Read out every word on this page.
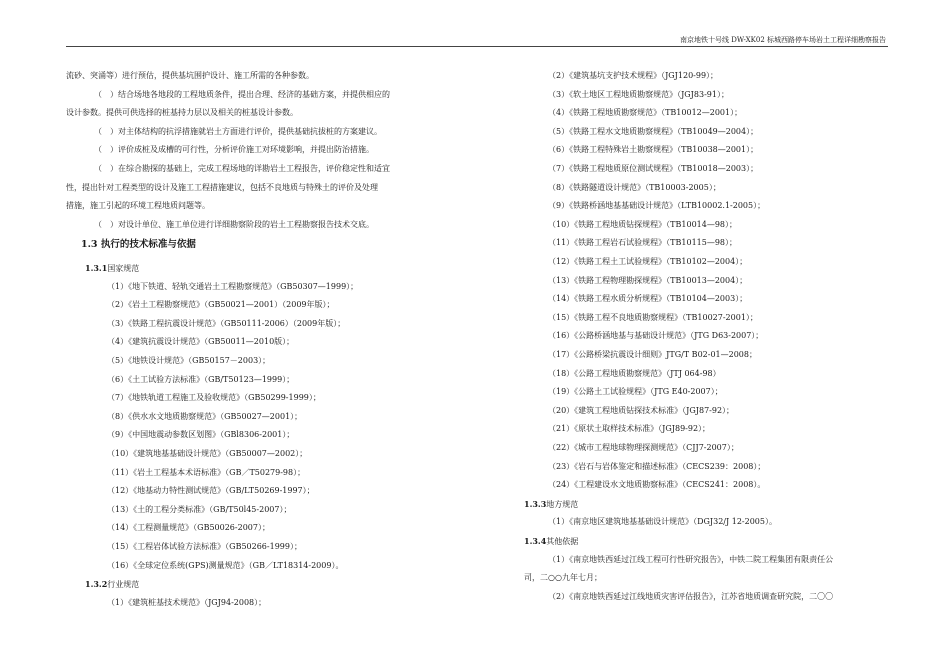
南京地铁十号线 DW-XK02 标城西路停车场岩土工程详细勘察报告
流砂、突涌等）进行预估，提供基坑围护设计、施工所需的各种参数。
（　）结合场地各地段的工程地质条件，提出合理、经济的基础方案，并提供相应的
设计参数。提供可供选择的桩基持力层以及相关的桩基设计参数。
（　）对主体结构的抗浮措施就岩土方面进行评价，提供基础抗拔桩的方案建议。
（　）评价成桩及成槽的可行性，分析评价施工对环境影响，并提出防治措施。
（　）在综合勘探的基础上，完成工程场地的详勘岩土工程报告，评价稳定性和适宜
性，提出针对工程类型的设计及施工工程措施建议，包括不良地质与特殊土的评价及处理
措施，施工引起的环境工程地质问题等。
（　）对设计单位、施工单位进行详细勘察阶段的岩土工程勘察报告技术交底。
1.3 执行的技术标准与依据
1.3.1国家规范
（1）《地下铁道、轻轨交通岩土工程勘察规范》（GB50307—1999）；
（2）《岩土工程勘察规范》（GB50021—2001）（2009年版）；
（3）《铁路工程抗震设计规范》（GB50111-2006）（2009年版）；
（4）《建筑抗震设计规范》（GB50011—2010版）；
（5）《地铁设计规范》（GB50157－2003）；
（6）《土工试验方法标准》（GB/T50123—1999）；
（7）《地铁轨道工程施工及验收规范》（GB50299-1999）；
（8）《供水水文地质勘察规范》（GB50027—2001）；
（9）《中国地震动参数区划图》（GBl8306-2001）；
（10）《建筑地基基础设计规范》（GB50007—2002）；
（11）《岩土工程基本术语标准》（GB／T50279-98）；
（12）《地基动力特性测试规范》（GB/LT50269-1997）；
（13）《土的工程分类标准》（GB/T50l45-2007）；
（14）《工程测量规范》（GB50026-2007）；
（15）《工程岩体试验方法标准》（GB50266-1999）；
（16）《全球定位系统(GPS)测量规范》（GB／LT18314-2009）。
1.3.2行业规范
（1）《建筑桩基技术规范》（JGJ94-2008）；
（2）《建筑基坑支护技术规程》（JGJ120-99）；
（3）《软土地区工程地质勘察规范》（JGJ83-91）；
（4）《铁路工程地质勘察规范》（TB10012—2001）；
（5）《铁路工程水文地质勘察规程》（TB10049—2004）；
（6）《铁路工程特殊岩土勘察规程》（TB10038—2001）；
（7）《铁路工程地质原位测试规程》（TB10018—2003）；
（8）《铁路隧道设计规范》（TB10003-2005）；
（9）《铁路桥涵地基基础设计规范》（LTB10002.1-2005）；
（10）《铁路工程地质钻探规程》（TB10014—98）；
（11）《铁路工程岩石试验规程》（TB10115—98）；
（12）《铁路工程土工试验规程》（TB10102—2004）；
（13）《铁路工程物理勘探规程》（TB10013—2004）；
（14）《铁路工程水质分析规程》（TB10104—2003）；
（15）《铁路工程不良地质勘察规程》（TB10027-2001）；
（16）《公路桥涵地基与基础设计规范》（JTG D63-2007）；
（17）《公路桥梁抗震设计细则》JTG/T B02-01—2008；
（18）《公路工程地质勘察规范》（JTJ 064-98）
（19）《公路土工试验规程》（JTG E40-2007）；
（20）《建筑工程地质钻探技术标准》（JGJ87-92）；
（21）《原状土取样技术标准》（JGJ89-92）；
（22）《城市工程地球物理探测规范》（CJJ7-2007）；
（23）《岩石与岩体鉴定和描述标准》（CECS239：2008）；
（24）《工程建设水文地质勘察标准》（CECS241：2008）。
1.3.3地方规范
（1）《南京地区建筑地基基础设计规范》（DGJ32/J 12-2005）。
1.3.4其他依据
（1）《南京地铁西延过江线工程可行性研究报告》，中铁二院工程集团有限责任公
司，二○○九年七月；
（2）《南京地铁西延过江线地质灾害评估报告》，江苏省地质调查研究院，二〇〇
